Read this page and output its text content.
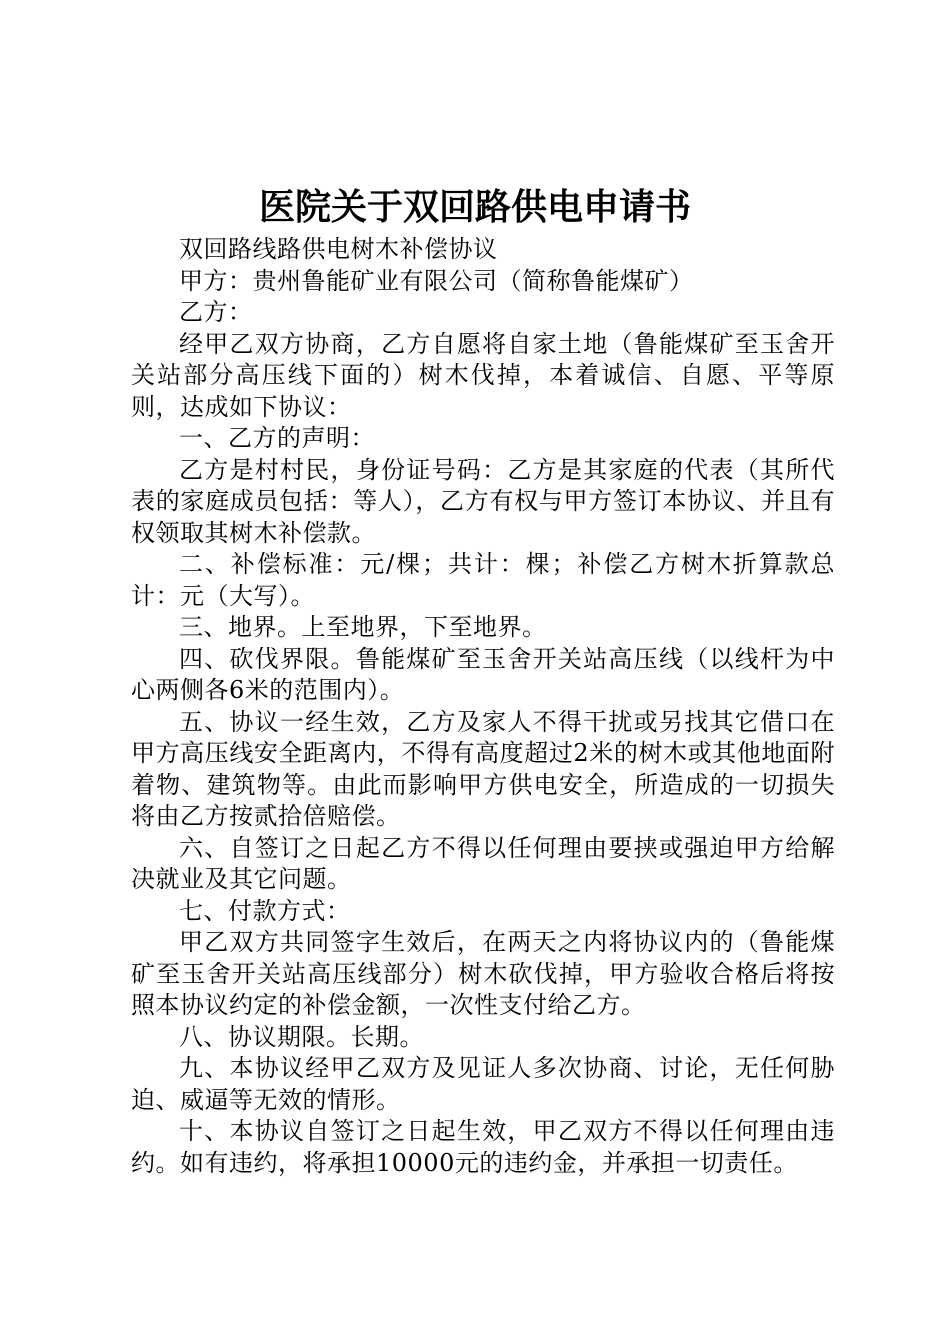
医院关于双回路供电申请书

双回路线路供电树木补偿协议

甲方：贵州鲁能矿业有限公司（简称鲁能煤矿）

乙方：

经甲乙双方协商，乙方自愿将自家土地（鲁能煤矿至玉舍开关站部分高压线下面的）树木伐掉，本着诚信、自愿、平等原则，达成如下协议：

一、乙方的声明：

乙方是村村民，身份证号码：乙方是其家庭的代表（其所代表的家庭成员包括：等人），乙方有权与甲方签订本协议、并且有权领取其树木补偿款。

二、补偿标准：元/棵；共计：棵；补偿乙方树木折算款总计：元（大写）。

三、地界。上至地界，下至地界。

四、砍伐界限。鲁能煤矿至玉舍开关站高压线（以线杆为中心两侧各6米的范围内）。

五、协议一经生效，乙方及家人不得干扰或另找其它借口在甲方高压线安全距离内，不得有高度超过2米的树木或其他地面附着物、建筑物等。由此而影响甲方供电安全，所造成的一切损失将由乙方按贰拾倍赔偿。

六、自签订之日起乙方不得以任何理由要挟或强迫甲方给解决就业及其它问题。

七、付款方式：

甲乙双方共同签字生效后，在两天之内将协议内的（鲁能煤矿至玉舍开关站高压线部分）树木砍伐掉，甲方验收合格后将按照本协议约定的补偿金额，一次性支付给乙方。

八、协议期限。长期。

九、本协议经甲乙双方及见证人多次协商、讨论，无任何胁迫、威逼等无效的情形。

十、本协议自签订之日起生效，甲乙双方不得以任何理由违约。如有违约，将承担10000元的违约金，并承担一切责任。
